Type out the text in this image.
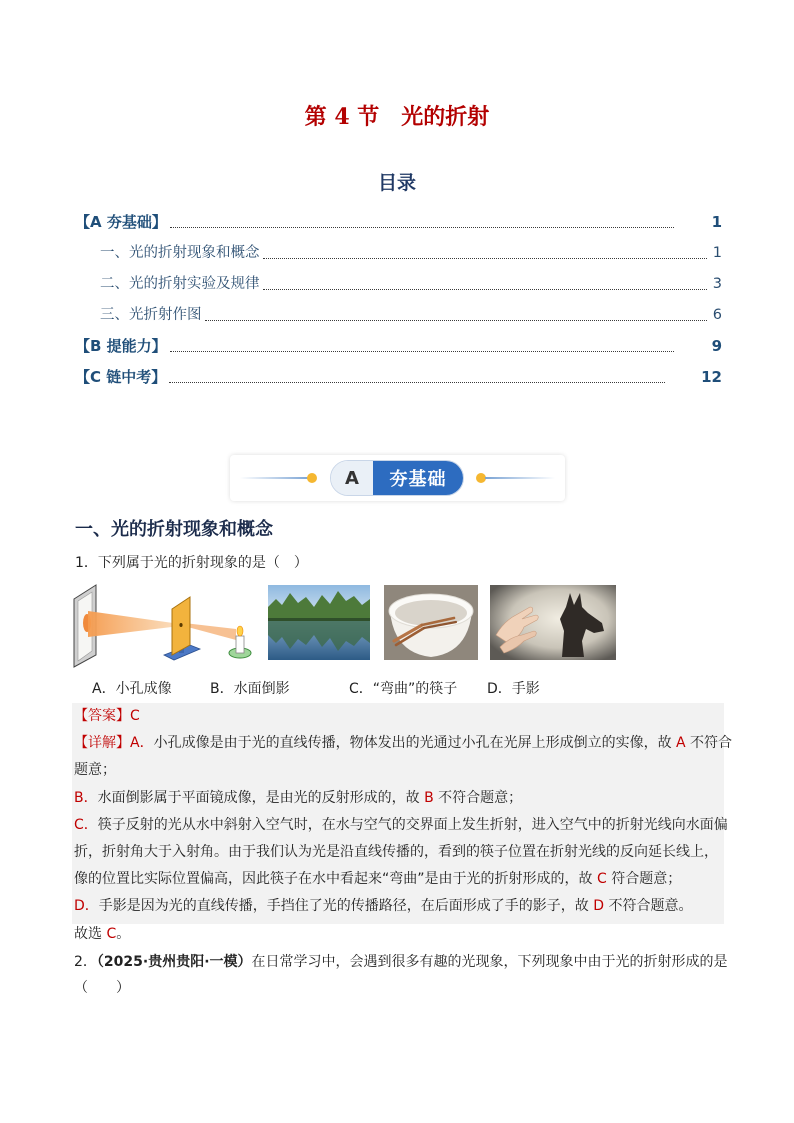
第 4 节　光的折射
目录
【A 夯基础】	1
一、光的折射现象和概念	1
二、光的折射实验及规律	3
三、光折射作图	6
【B 提能力】	9
【C 链中考】	12
A	夯基础
一、光的折射现象和概念
1．下列属于光的折射现象的是（　）
A．小孔成像	B．水面倒影	C．“弯曲”的筷子 D．手影
【答案】C
【详解】A．小孔成像是由于光的直线传播，物体发出的光通过小孔在光屏上形成倒立的实像，故 A 不符合
题意；
B．水面倒影属于平面镜成像，是由光的反射形成的，故 B 不符合题意；
C．筷子反射的光从水中斜射入空气时，在水与空气的交界面上发生折射，进入空气中的折射光线向水面偏
折，折射角大于入射角。由于我们认为光是沿直线传播的，看到的筷子位置在折射光线的反向延长线上，
像的位置比实际位置偏高，因此筷子在水中看起来“弯曲”是由于光的折射形成的，故 C 符合题意；
D．手影是因为光的直线传播，手挡住了光的传播路径，在后面形成了手的影子，故 D 不符合题意。
故选 C。
2．（2025·贵州贵阳·一模）在日常学习中，会遇到很多有趣的光现象，下列现象中由于光的折射形成的是
（　　）
